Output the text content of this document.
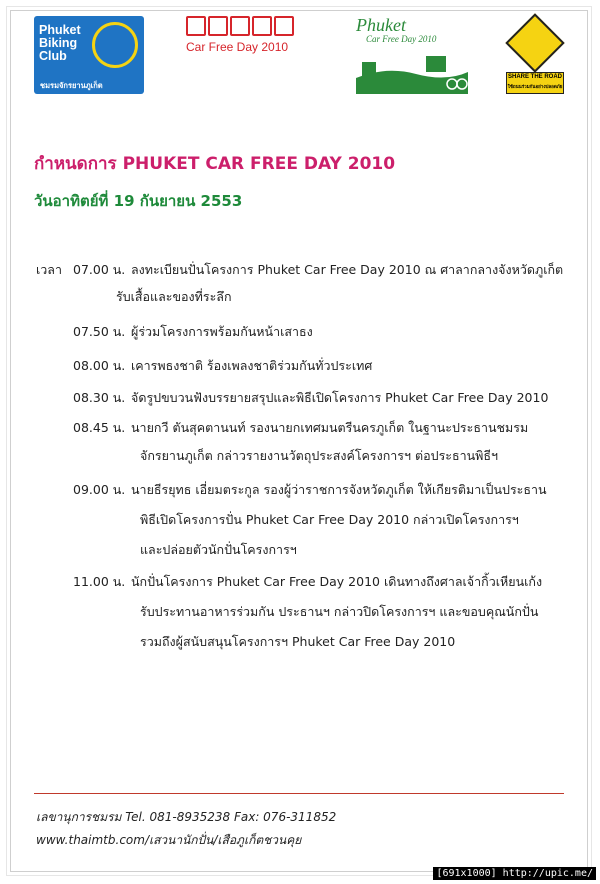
Phuket
Biking
Club
ชมรมจักรยานภูเก็ต
Car Free Day 2010
Phuket
Car Free Day 2010
SHARE THE ROAD
ใช้ถนนร่วมกันอย่างปลอดภัย
กำหนดการ PHUKET CAR FREE DAY 2010
วันอาทิตย์ที่ 19 กันยายน 2553
เวลา 07.00 น. ลงทะเบียนปั่นโครงการ Phuket Car Free Day 2010 ณ ศาลากลางจังหวัดภูเก็ต
รับเสื้อและของที่ระลึก
07.50 น. ผู้ร่วมโครงการพร้อมกันหน้าเสาธง
08.00 น. เคารพธงชาติ ร้องเพลงชาติร่วมกันทั่วประเทศ
08.30 น. จัดรูปขบวนฟังบรรยายสรุปและพิธีเปิดโครงการ Phuket Car Free Day 2010
08.45 น. นายกวี ตันสุคตานนท์ รองนายกเทศมนตรีนครภูเก็ต ในฐานะประธานชมรม
จักรยานภูเก็ต กล่าวรายงานวัตถุประสงค์โครงการฯ ต่อประธานพิธีฯ
09.00 น. นายธีรยุทธ เอี่ยมตระกูล รองผู้ว่าราชการจังหวัดภูเก็ต ให้เกียรติมาเป็นประธาน
พิธีเปิดโครงการปั่น Phuket Car Free Day 2010 กล่าวเปิดโครงการฯ
และปล่อยตัวนักปั่นโครงการฯ
11.00 น. นักปั่นโครงการ Phuket Car Free Day 2010 เดินทางถึงศาลเจ้ากิ้วเหียนเก้ง
รับประทานอาหารร่วมกัน ประธานฯ กล่าวปิดโครงการฯ และขอบคุณนักปั่น
รวมถึงผู้สนับสนุนโครงการฯ Phuket Car Free Day 2010
เลขานุการชมรม Tel. 081-8935238 Fax: 076-311852
www.thaimtb.com/เสวนานักปั่น/เสือภูเก็ตชวนคุย
[691x1000] http://upic.me/
